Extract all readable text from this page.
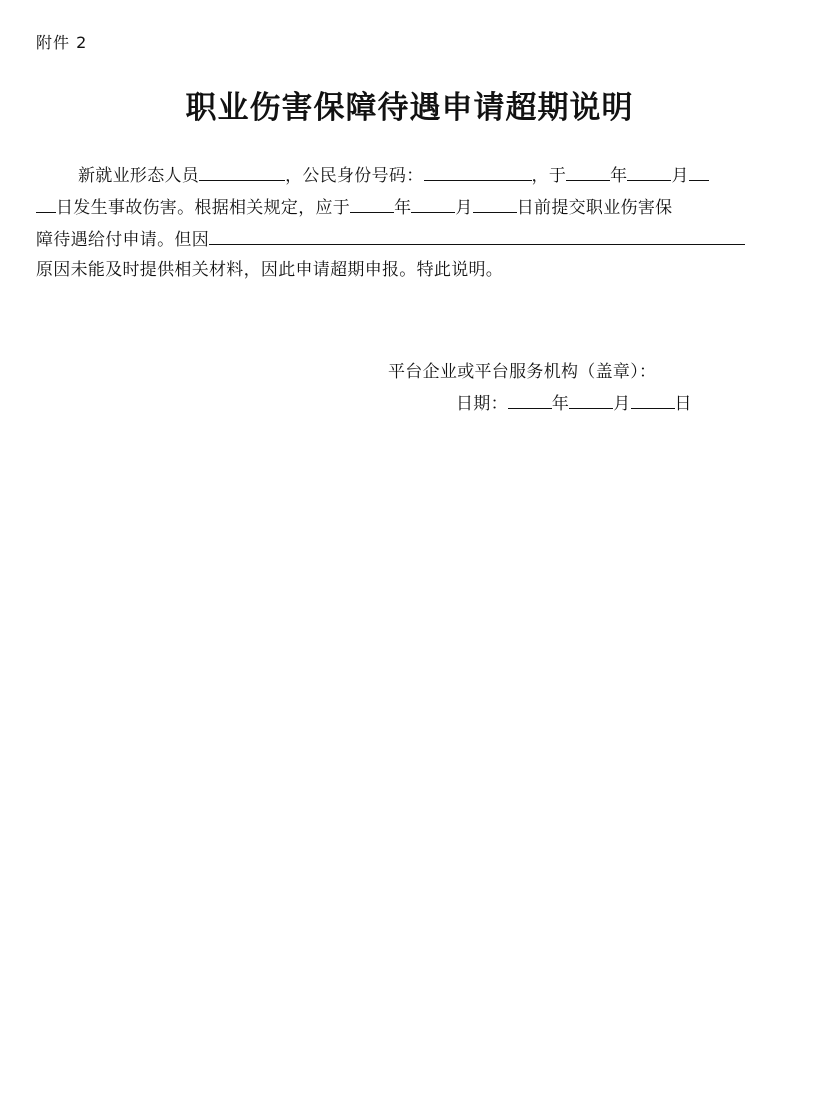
附件 2
职业伤害保障待遇申请超期说明
新就业形态人员	，公民身份号码：	，于	年	月
日发生事故伤害。根据相关规定，应于	年	月	日前提交职业伤害保
障待遇给付申请。但因
原因未能及时提供相关材料，因此申请超期申报。特此说明。
平台企业或平台服务机构（盖章）：
日期：	年	月	日
